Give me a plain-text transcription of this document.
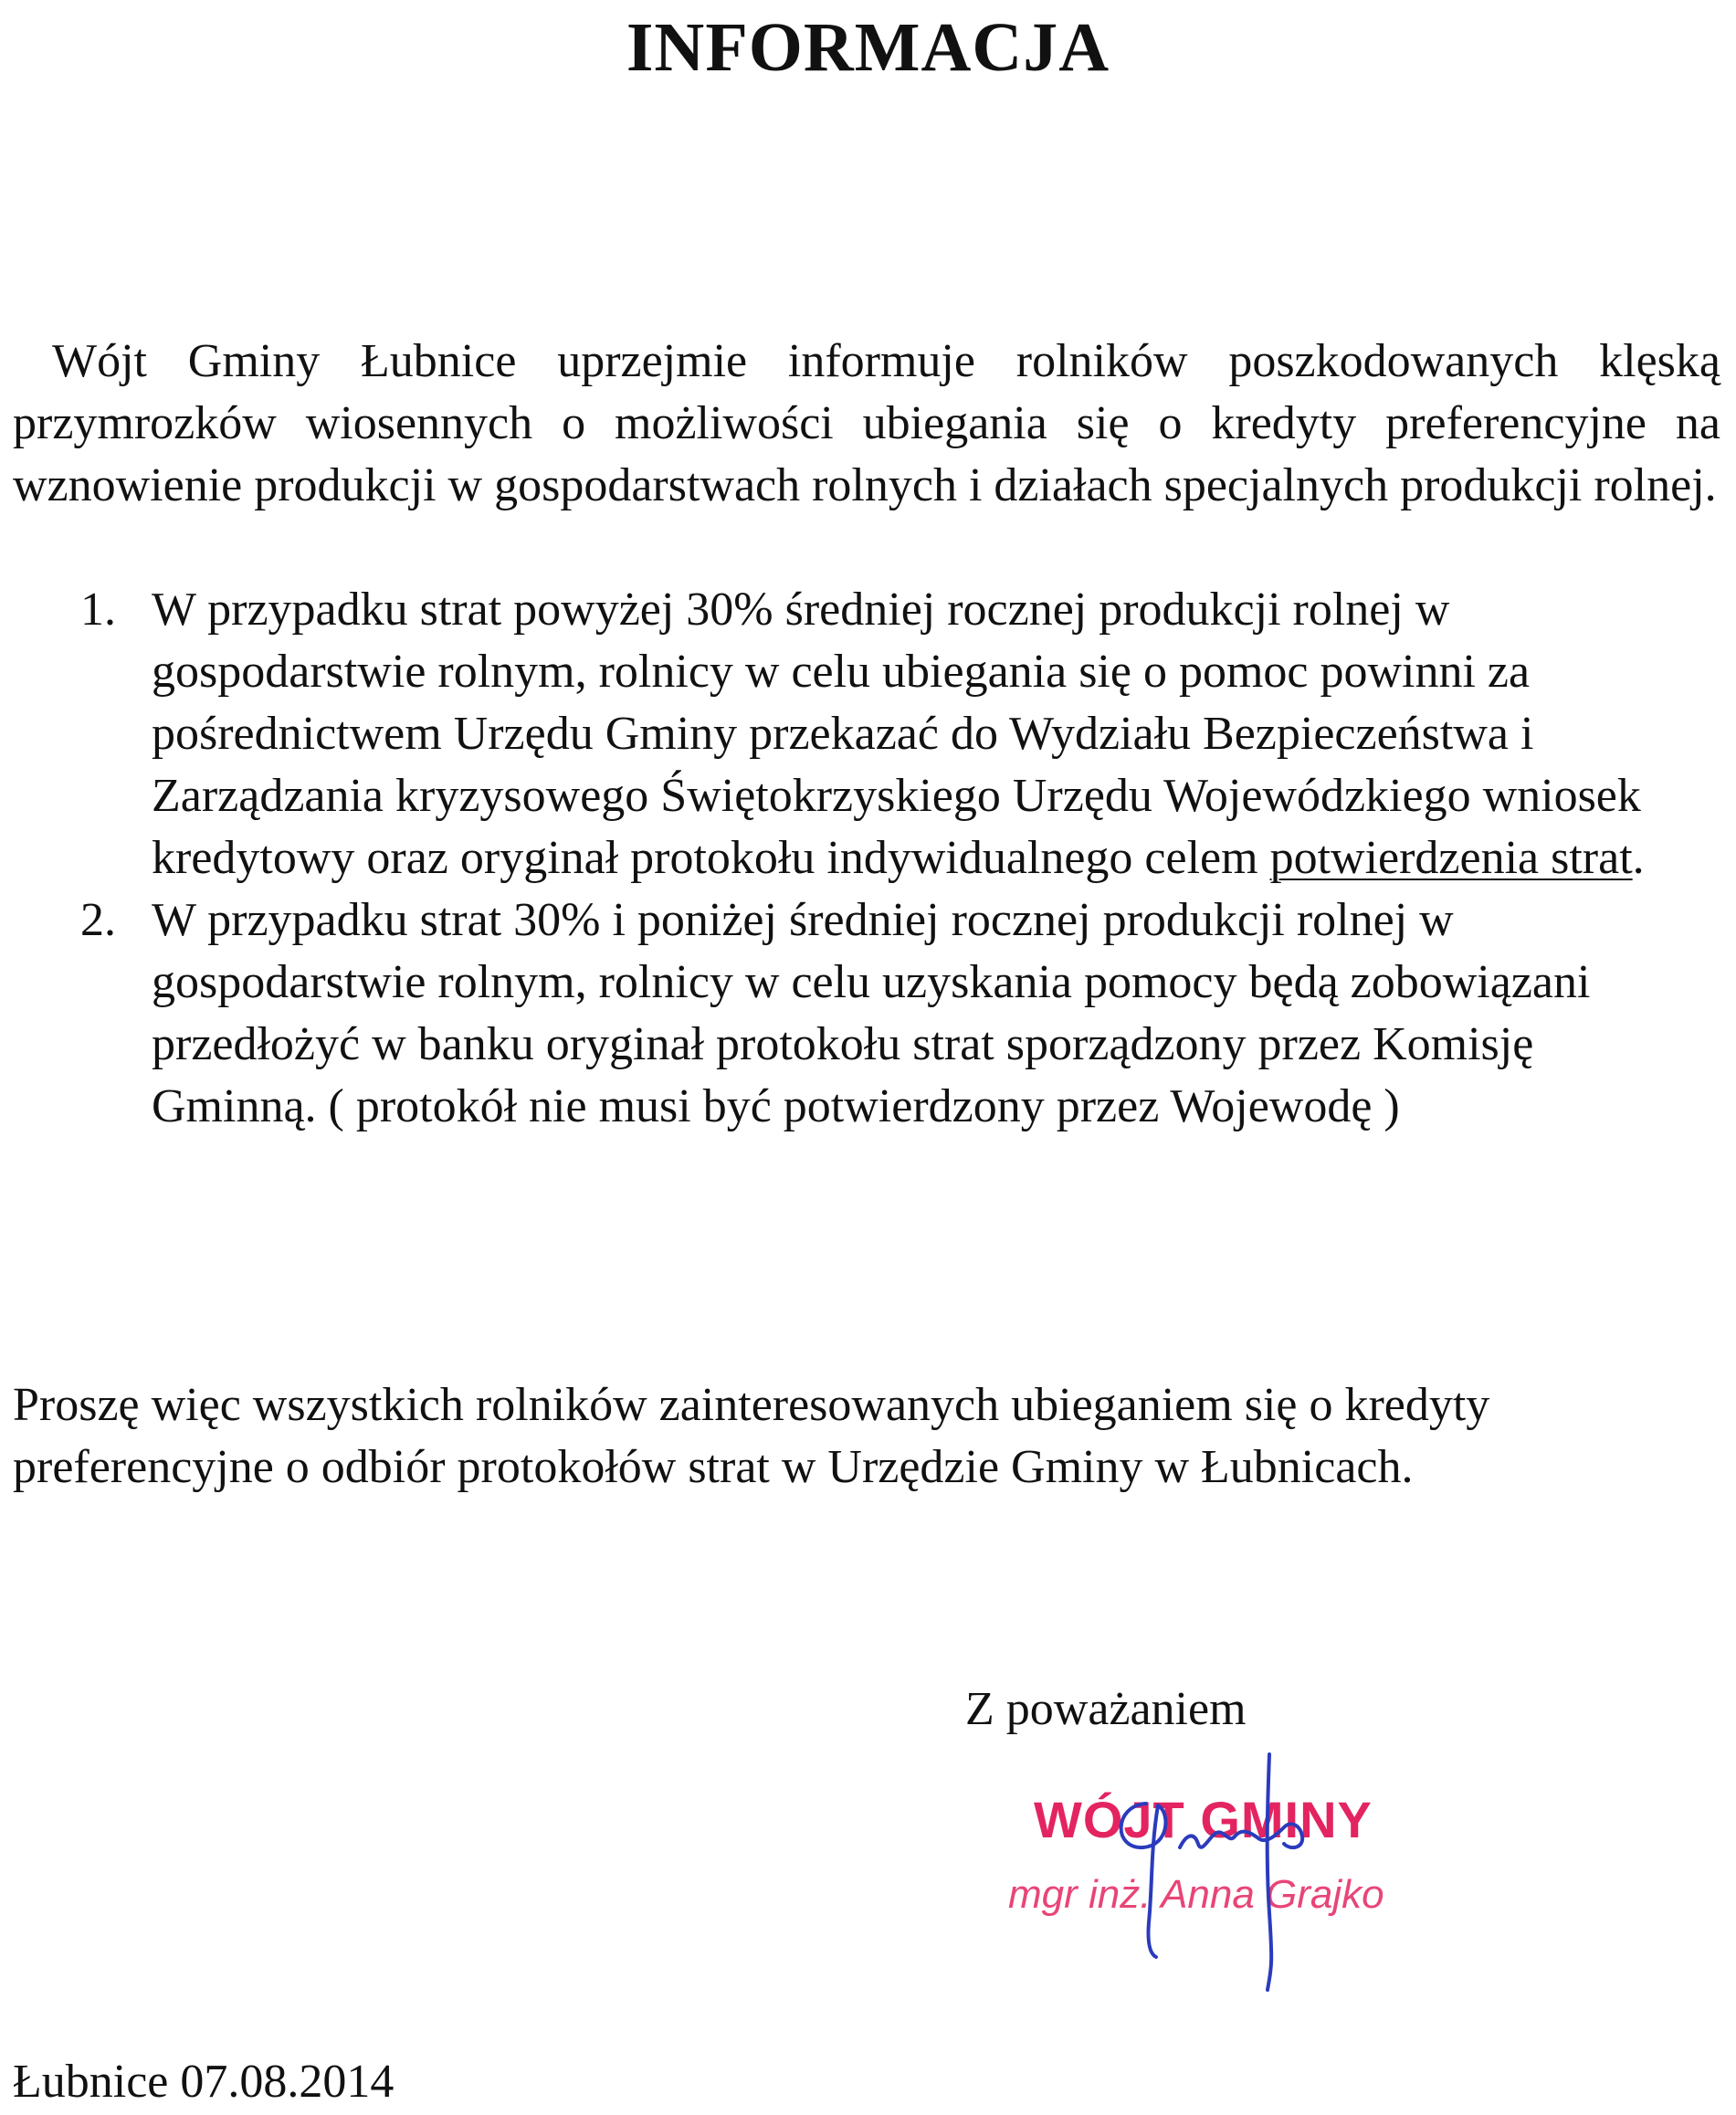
INFORMACJA
Wójt Gminy Łubnice uprzejmie informuje rolników poszkodowanych klęską przymrozków wiosennych o możliwości ubiegania się o kredyty preferencyjne na wznowienie produkcji w gospodarstwach rolnych i działach specjalnych produkcji rolnej.
1. W przypadku strat powyżej 30% średniej rocznej produkcji rolnej w gospodarstwie rolnym, rolnicy w celu ubiegania się o pomoc powinni za pośrednictwem Urzędu Gminy przekazać do Wydziału Bezpieczeństwa i Zarządzania kryzysowego Świętokrzyskiego Urzędu Wojewódzkiego wniosek kredytowy oraz oryginał protokołu indywidualnego celem potwierdzenia strat.
2. W przypadku strat 30% i poniżej średniej rocznej produkcji rolnej w gospodarstwie rolnym, rolnicy w celu uzyskania pomocy będą zobowiązani przedłożyć w banku oryginał protokołu strat sporządzony przez Komisję Gminną. ( protokół nie musi być potwierdzony przez Wojewodę )
Proszę więc wszystkich rolników zainteresowanych ubieganiem się o kredyty preferencyjne o odbiór protokołów strat w Urzędzie Gminy w Łubnicach.
Z poważaniem
WÓJT GMINY
mgr inż. Anna Grajko
Łubnice 07.08.2014
